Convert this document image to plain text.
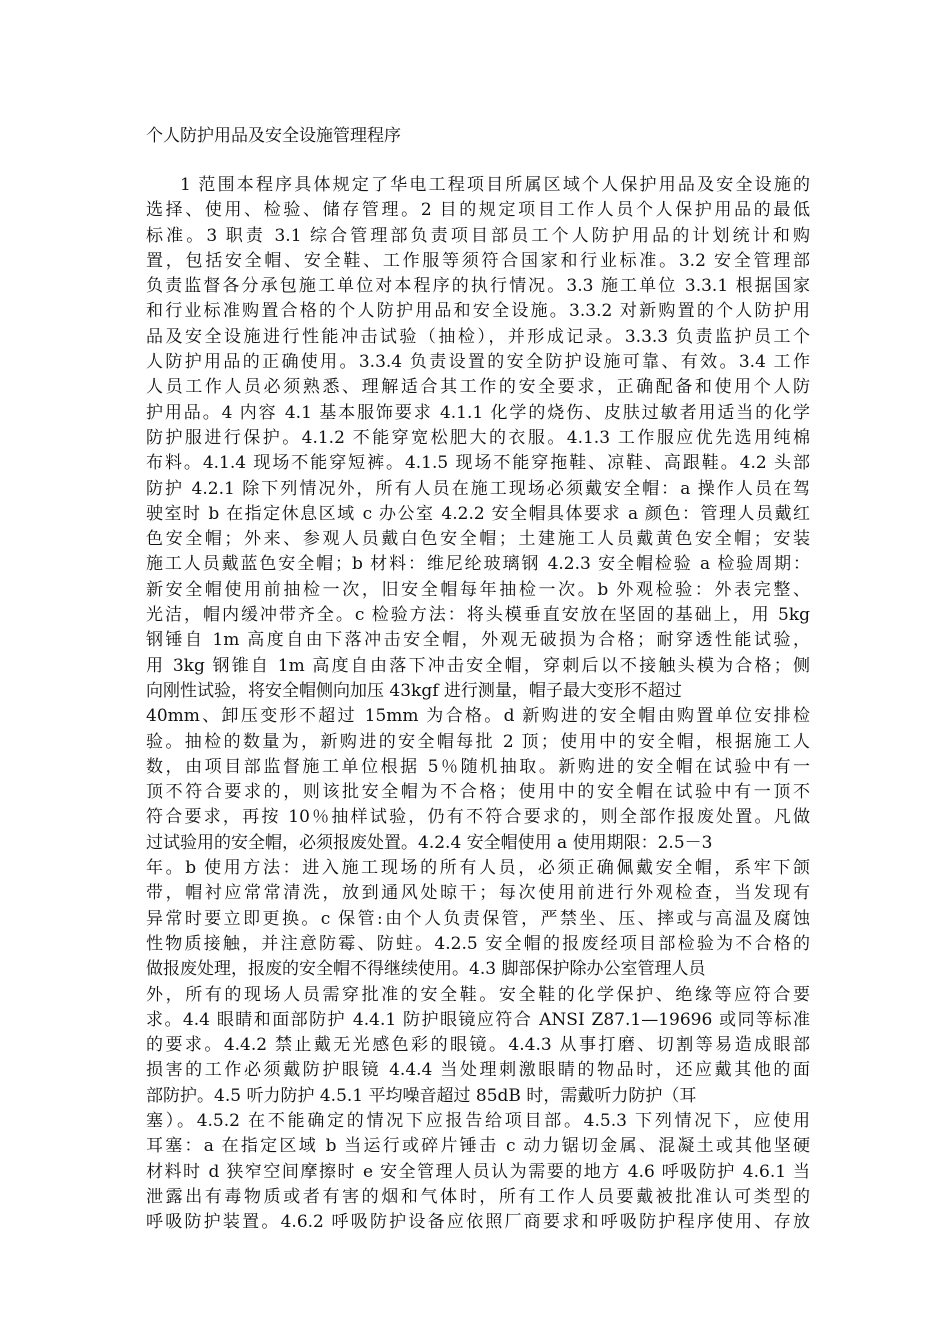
个人防护用品及安全设施管理程序
1 范围本程序具体规定了华电工程项目所属区域个人保护用品及安全设施的
选择、使用、检验、储存管理。2 目的规定项目工作人员个人保护用品的最低
标准。3 职责 3.1 综合管理部负责项目部员工个人防护用品的计划统计和购
置，包括安全帽、安全鞋、工作服等须符合国家和行业标准。3.2 安全管理部
负责监督各分承包施工单位对本程序的执行情况。3.3 施工单位 3.3.1 根据国家
和行业标准购置合格的个人防护用品和安全设施。3.3.2 对新购置的个人防护用
品及安全设施进行性能冲击试验（抽检），并形成记录。3.3.3 负责监护员工个
人防护用品的正确使用。3.3.4 负责设置的安全防护设施可靠、有效。3.4 工作
人员工作人员必须熟悉、理解适合其工作的安全要求，正确配备和使用个人防
护用品。4 内容 4.1 基本服饰要求 4.1.1 化学的烧伤、皮肤过敏者用适当的化学
防护服进行保护。4.1.2 不能穿宽松肥大的衣服。4.1.3 工作服应优先选用纯棉
布料。4.1.4 现场不能穿短裤。4.1.5 现场不能穿拖鞋、凉鞋、高跟鞋。4.2 头部
防护 4.2.1 除下列情况外，所有人员在施工现场必须戴安全帽：a 操作人员在驾
驶室时 b 在指定休息区域 c 办公室 4.2.2 安全帽具体要求 a 颜色：管理人员戴红
色安全帽；外来、参观人员戴白色安全帽；土建施工人员戴黄色安全帽；安装
施工人员戴蓝色安全帽；b 材料：维尼纶玻璃钢 4.2.3 安全帽检验 a 检验周期：
新安全帽使用前抽检一次，旧安全帽每年抽检一次。b 外观检验：外表完整、
光洁，帽内缓冲带齐全。c 检验方法：将头模垂直安放在坚固的基础上，用 5kg
钢锤自 1m 高度自由下落冲击安全帽，外观无破损为合格；耐穿透性能试验，
用 3kg 钢锥自 1m 高度自由落下冲击安全帽，穿刺后以不接触头模为合格；侧
向刚性试验，将安全帽侧向加压 43kgf 进行测量，帽子最大变形不超过
40mm、卸压变形不超过 15mm 为合格。d 新购进的安全帽由购置单位安排检
验。抽检的数量为，新购进的安全帽每批 2 顶；使用中的安全帽，根据施工人
数，由项目部监督施工单位根据 5％随机抽取。新购进的安全帽在试验中有一
顶不符合要求的，则该批安全帽为不合格；使用中的安全帽在试验中有一顶不
符合要求，再按 10％抽样试验，仍有不符合要求的，则全部作报废处置。凡做
过试验用的安全帽，必须报废处置。4.2.4 安全帽使用 a 使用期限：2.5－3
年。b 使用方法：进入施工现场的所有人员，必须正确佩戴安全帽，系牢下颌
带，帽衬应常常清洗，放到通风处晾干；每次使用前进行外观检查，当发现有
异常时要立即更换。c 保管:由个人负责保管，严禁坐、压、摔或与高温及腐蚀
性物质接触，并注意防霉、防蛀。4.2.5 安全帽的报废经项目部检验为不合格的
做报废处理，报废的安全帽不得继续使用。4.3 脚部保护除办公室管理人员
外，所有的现场人员需穿批准的安全鞋。安全鞋的化学保护、绝缘等应符合要
求。4.4 眼睛和面部防护 4.4.1 防护眼镜应符合 ANSI Z87.1—19696 或同等标准
的要求。4.4.2 禁止戴无光感色彩的眼镜。4.4.3 从事打磨、切割等易造成眼部
损害的工作必须戴防护眼镜 4.4.4 当处理刺激眼睛的物品时，还应戴其他的面
部防护。4.5 听力防护 4.5.1 平均噪音超过 85dB 时，需戴听力防护（耳
塞）。4.5.2 在不能确定的情况下应报告给项目部。4.5.3 下列情况下，应使用
耳塞：a 在指定区域 b 当运行或碎片锤击 c 动力锯切金属、混凝土或其他坚硬
材料时 d 狭窄空间摩擦时 e 安全管理人员认为需要的地方 4.6 呼吸防护 4.6.1 当
泄露出有毒物质或者有害的烟和气体时，所有工作人员要戴被批准认可类型的
呼吸防护装置。4.6.2 呼吸防护设备应依照厂商要求和呼吸防护程序使用、存放
